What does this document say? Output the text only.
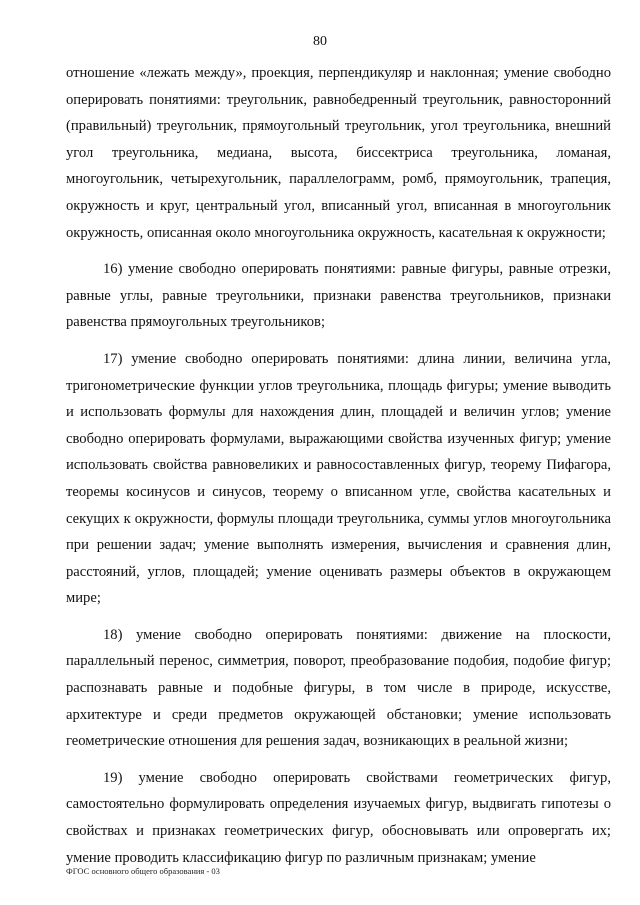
80

отношение «лежать между», проекция, перпендикуляр и наклонная; умение свободно оперировать понятиями: треугольник, равнобедренный треугольник, равносторонний (правильный) треугольник, прямоугольный треугольник, угол треугольника, внешний угол треугольника, медиана, высота, биссектриса треугольника, ломаная, многоугольник, четырехугольник, параллелограмм, ромб, прямоугольник, трапеция, окружность и круг, центральный угол, вписанный угол, вписанная в многоугольник окружность, описанная около многоугольника окружность, касательная к окружности;

16) умение свободно оперировать понятиями: равные фигуры, равные отрезки, равные углы, равные треугольники, признаки равенства треугольников, признаки равенства прямоугольных треугольников;

17) умение свободно оперировать понятиями: длина линии, величина угла, тригонометрические функции углов треугольника, площадь фигуры; умение выводить и использовать формулы для нахождения длин, площадей и величин углов; умение свободно оперировать формулами, выражающими свойства изученных фигур; умение использовать свойства равновеликих и равносоставленных фигур, теорему Пифагора, теоремы косинусов и синусов, теорему о вписанном угле, свойства касательных и секущих к окружности, формулы площади треугольника, суммы углов многоугольника при решении задач; умение выполнять измерения, вычисления и сравнения длин, расстояний, углов, площадей; умение оценивать размеры объектов в окружающем мире;

18) умение свободно оперировать понятиями: движение на плоскости, параллельный перенос, симметрия, поворот, преобразование подобия, подобие фигур; распознавать равные и подобные фигуры, в том числе в природе, искусстве, архитектуре и среди предметов окружающей обстановки; умение использовать геометрические отношения для решения задач, возникающих в реальной жизни;

19) умение свободно оперировать свойствами геометрических фигур, самостоятельно формулировать определения изучаемых фигур, выдвигать гипотезы о свойствах и признаках геометрических фигур, обосновывать или опровергать их; умение проводить классификацию фигур по различным признакам; умение

ФГОС основного общего образования - 03
